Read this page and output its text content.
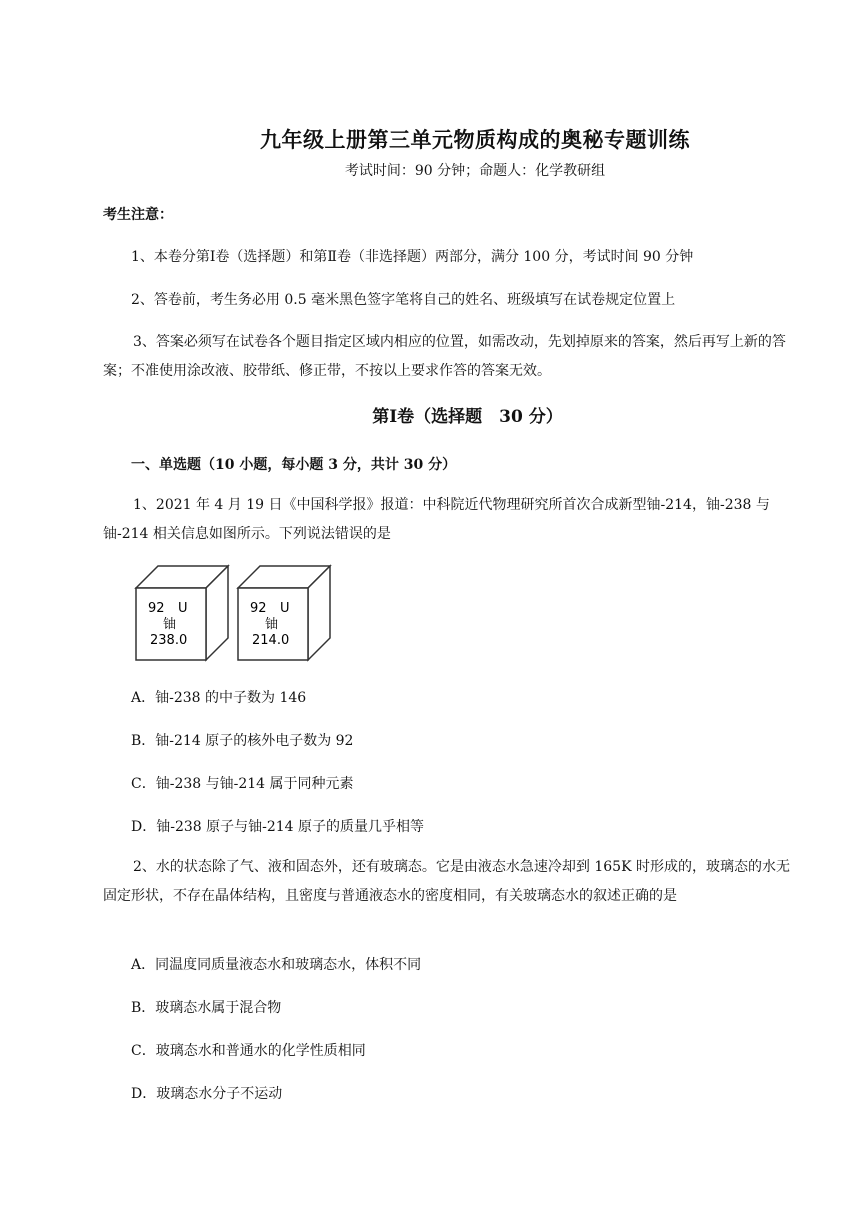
九年级上册第三单元物质构成的奥秘专题训练
考试时间：90 分钟；命题人：化学教研组
考生注意：
1、本卷分第Ⅰ卷（选择题）和第Ⅱ卷（非选择题）两部分，满分 100 分，考试时间 90 分钟
2、答卷前，考生务必用 0.5 毫米黑色签字笔将自己的姓名、班级填写在试卷规定位置上
3、答案必须写在试卷各个题目指定区域内相应的位置，如需改动，先划掉原来的答案，然后再写上新的答案；不准使用涂改液、胶带纸、修正带，不按以上要求作答的答案无效。
第Ⅰ卷（选择题　30 分）
一、单选题（10 小题，每小题 3 分，共计 30 分）
1、2021 年 4 月 19 日《中国科学报》报道：中科院近代物理研究所首次合成新型铀-214，铀-238 与铀-214 相关信息如图所示。下列说法错误的是
92 U
铀
238.0
92 U
铀
214.0
A．铀-238 的中子数为 146
B．铀-214 原子的核外电子数为 92
C．铀-238 与铀-214 属于同种元素
D．铀-238 原子与铀-214 原子的质量几乎相等
2、水的状态除了气、液和固态外，还有玻璃态。它是由液态水急速冷却到 165K 时形成的，玻璃态的水无固定形状，不存在晶体结构，且密度与普通液态水的密度相同，有关玻璃态水的叙述正确的是
A．同温度同质量液态水和玻璃态水，体积不同
B．玻璃态水属于混合物
C．玻璃态水和普通水的化学性质相同
D．玻璃态水分子不运动
